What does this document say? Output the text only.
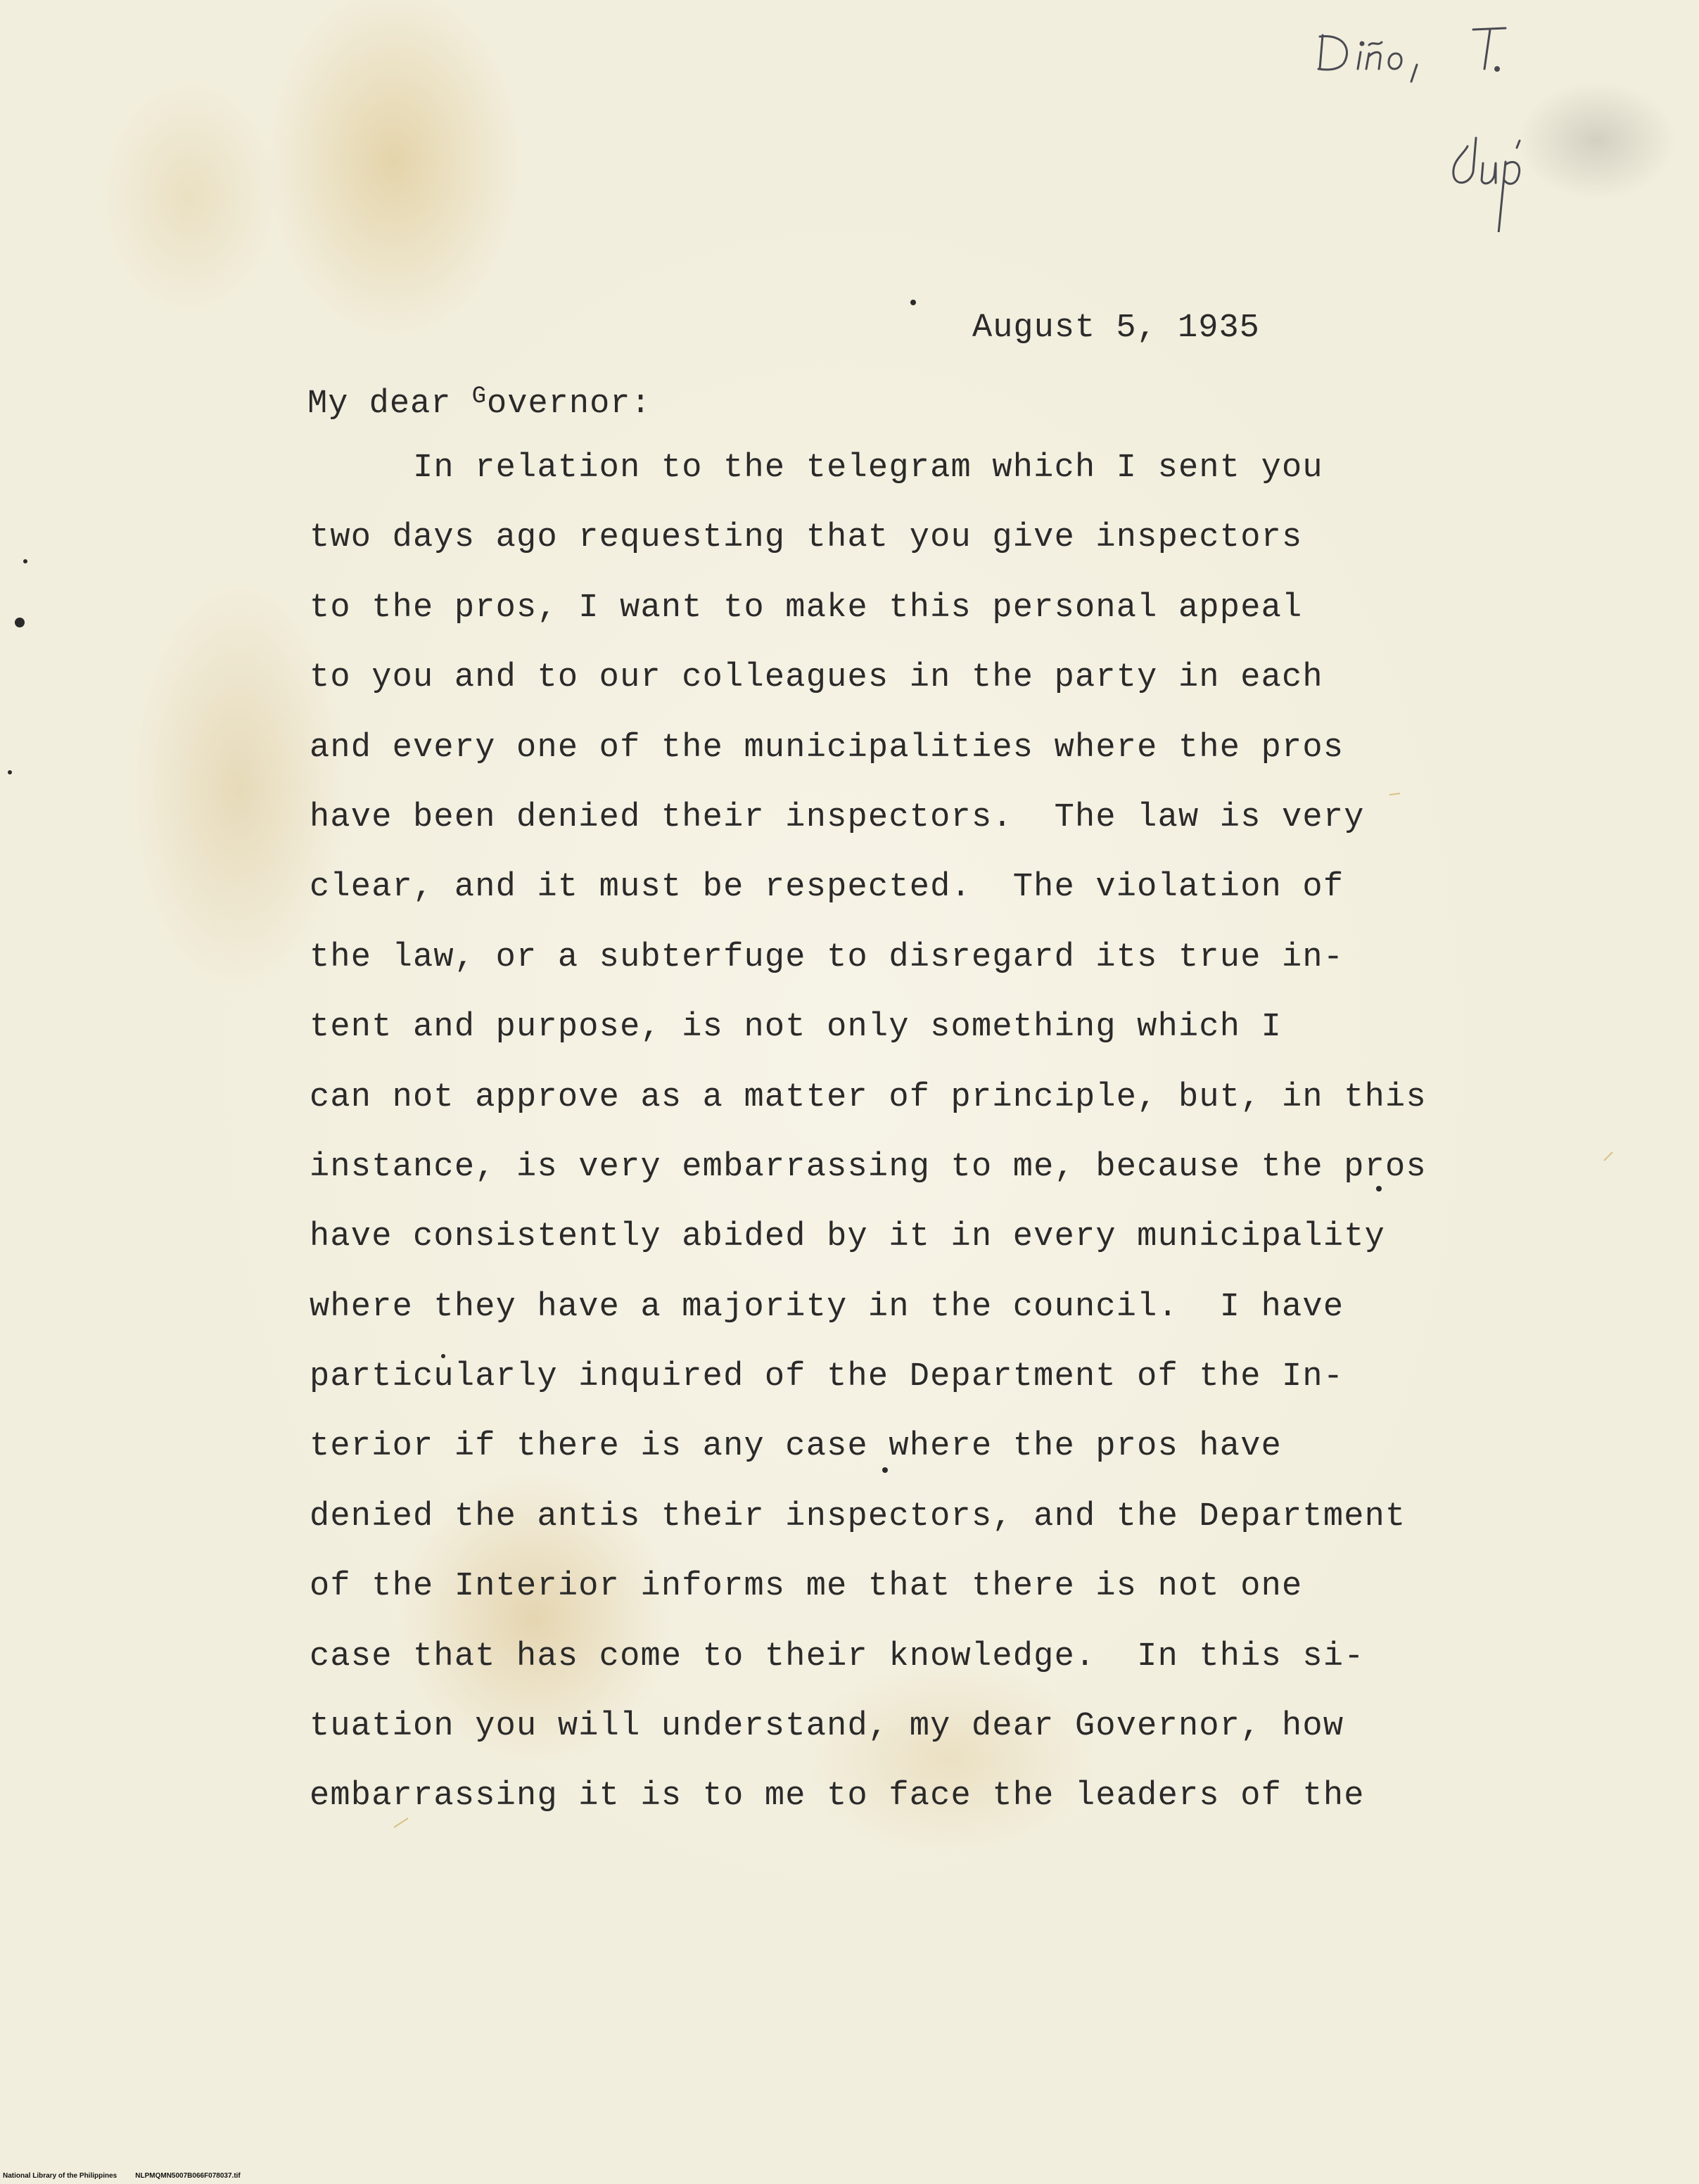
August 5, 1935
My dear $^G$overnor:
In relation to the telegram which I sent you
two days ago requesting that you give inspectors
to the pros, I want to make this personal appeal
to you and to our colleagues in the party in each
and every one of the municipalities where the pros
have been denied their inspectors.  The law is very
clear, and it must be respected.  The violation of
the law, or a subterfuge to disregard its true in-
tent and purpose, is not only something which I
can not approve as a matter of principle, but, in this
instance, is very embarrassing to me, because the pros
have consistently abided by it in every municipality
where they have a majority in the council.  I have
particularly inquired of the Department of the In-
terior if there is any case where the pros have
denied the antis their inspectors, and the Department
of the Interior informs me that there is not one
case that has come to their knowledge.  In this si-
tuation you will understand, my dear Governor, how
embarrassing it is to me to face the leaders of the
National Library of the Philippines	NLPMQMN5007B066F078037.tif
